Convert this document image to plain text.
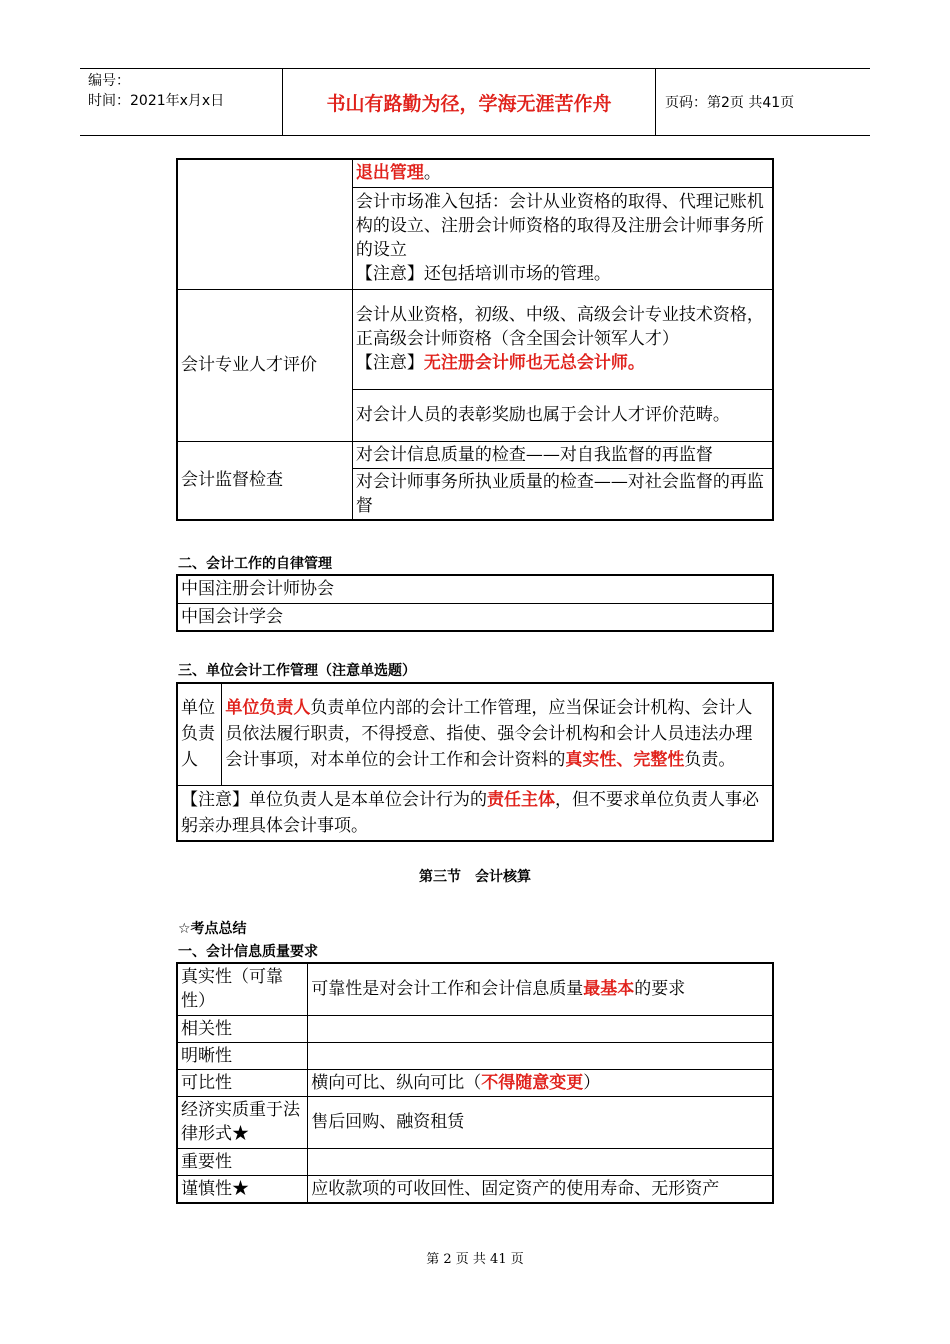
编号：
时间：2021年x月x日	书山有路勤为径，学海无涯苦作舟	页码：第2页 共41页
	退出管理。

	会计市场准入包括：会计从业资格的取得、代理记账机构的设立、注册会计师资格的取得及注册会计师事务所的设立
【注意】还包括培训市场的管理。

会计专业人才评价	会计从业资格，初级、中级、高级会计专业技术资格，正高级会计师资格（含全国会计领军人才）
【注意】无注册会计师也无总会计师。

	对会计人员的表彰奖励也属于会计人才评价范畴。
会计监督检查	对会计信息质量的检查——对自我监督的再监督
	对会计师事务所执业质量的检查——对社会监督的再监督
二、会计工作的自律管理
中国注册会计师协会
中国会计学会
三、单位会计工作管理（注意单选题）
单位负责人	单位负责人负责单位内部的会计工作管理，应当保证会计机构、会计人员依法履行职责，不得授意、指使、强令会计机构和会计人员违法办理会计事项，对本单位的会计工作和会计资料的真实性、完整性负责。
【注意】单位负责人是本单位会计行为的责任主体，但不要求单位负责人事必躬亲办理具体会计事项。
第三节　会计核算
☆考点总结
一、会计信息质量要求
真实性（可靠性）	可靠性是对会计工作和会计信息质量最基本的要求
相关性	
明晰性	
可比性	横向可比、纵向可比（不得随意变更）
经济实质重于法律形式★	售后回购、融资租赁
重要性	
谨慎性★	应收款项的可收回性、固定资产的使用寿命、无形资产
第 2 页 共 41 页
